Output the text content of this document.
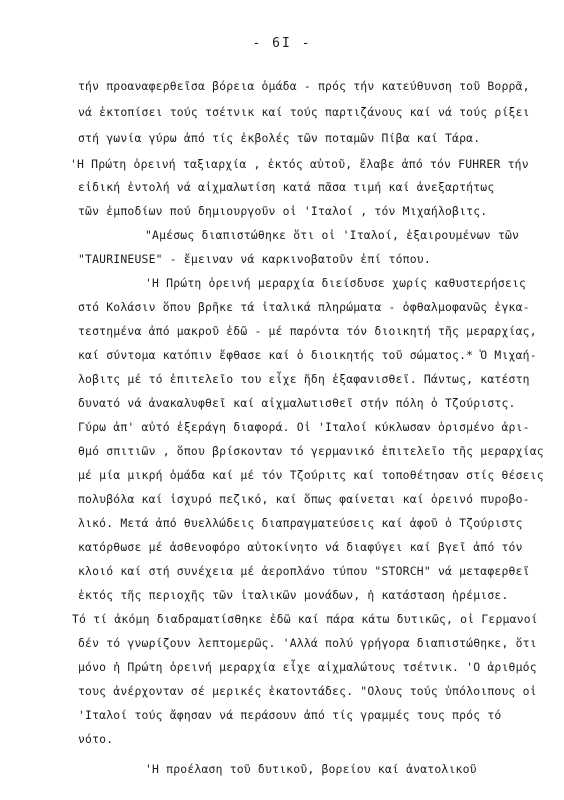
- 6I -
τήν προαναφερθεῖσα βόρεια ὁμάδα - πρός τήν κατεύθυνση τοῦ Βορρᾶ,
νά ἐκτοπίσει τούς τσέτνικ καί τούς παρτιζάνους καί νά τούς ρίξει
στή γωνία γύρω ἀπό τίς ἐκβολές τῶν ποταμῶν Πίβα καί Τάρα.
'Η Πρώτη ὀρεινή ταξιαρχία , ἐκτός αὐτοῦ, ἔλαβε ἀπό τόν FUHRER τήν
εἰδική ἐντολή νά αἰχμαλωτίση κατά πᾶσα τιμή καί ἀνεξαρτήτως
τῶν ἐμποδίων πού δημιουργοῦν οἱ 'Ιταλοί , τόν Μιχαήλοβιτς.
"Αμέσως διαπιστώθηκε ὅτι οἱ 'Ιταλοί, ἐξαιρουμένων τῶν
"TAURINEUSE" - ἔμειναν νά καρκινοβατοῦν ἐπί τόπου.
'Η Πρώτη ὀρεινή μεραρχία διείσδυσε χωρίς καθυστερήσεις
στό Κολάσιν ὅπου βρῆκε τά ἰταλικά πληρώματα - ὀφθαλμοφανῶς ἐγκα-
τεστημένα ἀπό μακροῦ ἐδῶ - μέ παρόντα τόν διοικητή τῆς μεραρχίας,
καί σύντομα κατόπιν ἔφθασε καί ὁ διοικητής τοῦ σώματος.* Ὁ Μιχαή-
λοβιτς μέ τό ἐπιτελεῖο του εἶχε ἤδη ἐξαφανισθεῖ. Πάντως, κατέστη
δυνατό νά ἀνακαλυφθεῖ καί αἰχμαλωτισθεῖ στήν πόλη ὁ Τζούριστς.
Γύρω ἀπ' αὐτό ἐξεράγη διαφορά. Οἱ 'Ιταλοί κύκλωσαν ὁρισμένο ἀρι-
θμό σπιτιῶν , ὅπου βρίσκονταν τό γερμανικό ἐπιτελεῖο τῆς μεραρχίας
μέ μία μικρή ὁμάδα καί μέ τόν Τζούριτς καί τοποθέτησαν στίς θέσεις
πολυβόλα καί ἰσχυρό πεζικό, καί ὅπως φαίνεται καί ὀρεινό πυροβο-
λικό. Μετά ἀπό θυελλώδεις διαπραγματεύσεις καί ἀφοῦ ὁ Τζούριστς
κατόρθωσε μέ ἀσθενοφόρο αὐτοκίνητο νά διαφύγει καί βγεῖ ἀπό τόν
κλοιό καί στή συνέχεια μέ ἀεροπλάνο τύπου "STORCH" νά μεταφερθεῖ
ἐκτός τῆς περιοχῆς τῶν ἰταλικῶν μονάδων, ἡ κατάσταση ἠρέμισε.
Τό τί ἀκόμη διαδραματίσθηκε ἐδῶ καί πάρα κάτω δυτικῶς, οἱ Γερμανοί
δέν τό γνωρίζουν λεπτομερῶς. 'Αλλά πολύ γρήγορα διαπιστώθηκε, ὅτι
μόνο ἡ Πρώτη ὀρεινή μεραρχία εἶχε αἰχμαλώτους τσέτνικ. 'Ο ἀριθμός
τους ἀνέρχονταν σέ μερικές ἑκατοντάδες. "Ολους τούς ὑπόλοιπους οἱ
'Ιταλοί τούς ἄφησαν νά περάσουν ἀπό τίς γραμμές τους πρός τό
νότο.
'Η προέλαση τοῦ δυτικοῦ, βορείου καί ἀνατολικοῦ
